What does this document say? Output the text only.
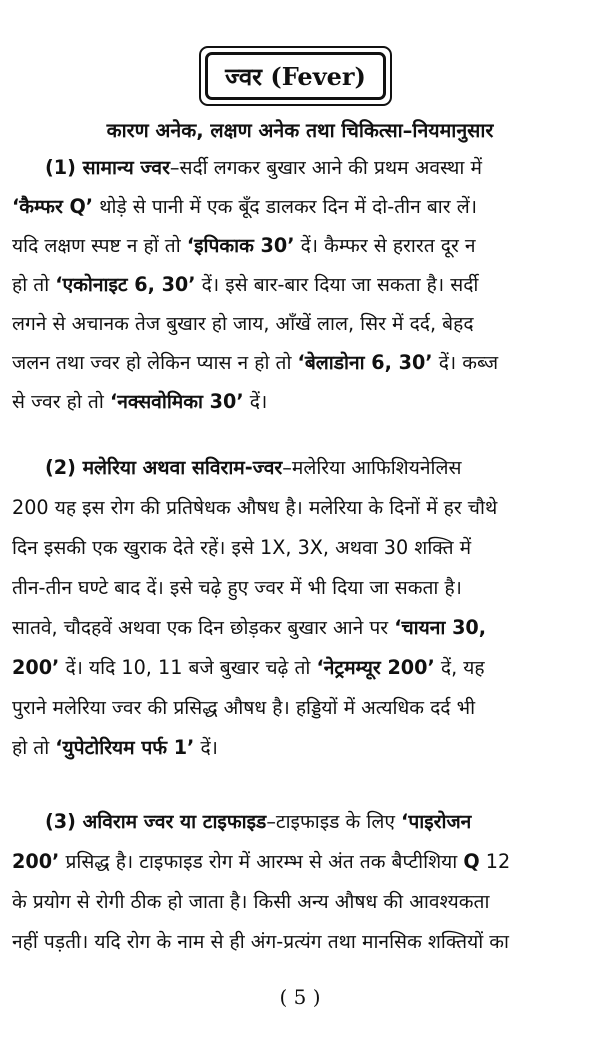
ज्वर (Fever)
कारण अनेक, लक्षण अनेक तथा चिकित्सा–नियमानुसार
(1) सामान्य ज्वर–सर्दी लगकर बुखार आने की प्रथम अवस्था में
‘कैम्फर Q’ थोड़े से पानी में एक बूँद डालकर दिन में दो-तीन बार लें।
यदि लक्षण स्पष्ट न हों तो ‘इपिकाक 30’ दें। कैम्फर से हरारत दूर न
हो तो ‘एकोनाइट 6, 30’ दें। इसे बार-बार दिया जा सकता है। सर्दी
लगने से अचानक तेज बुखार हो जाय, आँखें लाल, सिर में दर्द, बेहद
जलन तथा ज्वर हो लेकिन प्यास न हो तो ‘बेलाडोना 6, 30’ दें। कब्ज
से ज्वर हो तो ‘नक्सवोमिका 30’ दें।
(2) मलेरिया अथवा सविराम-ज्वर–मलेरिया आफिशियनेलिस
200 यह इस रोग की प्रतिषेधक औषध है। मलेरिया के दिनों में हर चौथे
दिन इसकी एक खुराक देते रहें। इसे 1X, 3X, अथवा 30 शक्ति में
तीन-तीन घण्टे बाद दें। इसे चढ़े हुए ज्वर में भी दिया जा सकता है।
सातवे, चौदहवें अथवा एक दिन छोड़कर बुखार आने पर ‘चायना 30,
200’ दें। यदि 10, 11 बजे बुखार चढ़े तो ‘नेट्रमम्यूर 200’ दें, यह
पुराने मलेरिया ज्वर की प्रसिद्ध औषध है। हड्डियों में अत्यधिक दर्द भी
हो तो ‘युपेटोरियम पर्फ 1’ दें।
(3) अविराम ज्वर या टाइफाइड–टाइफाइड के लिए ‘पाइरोजन
200’ प्रसिद्ध है। टाइफाइड रोग में आरम्भ से अंत तक बैप्टीशिया Q 12
के प्रयोग से रोगी ठीक हो जाता है। किसी अन्य औषध की आवश्यकता
नहीं पड़ती। यदि रोग के नाम से ही अंग-प्रत्यंग तथा मानसिक शक्तियों का
( 5 )
